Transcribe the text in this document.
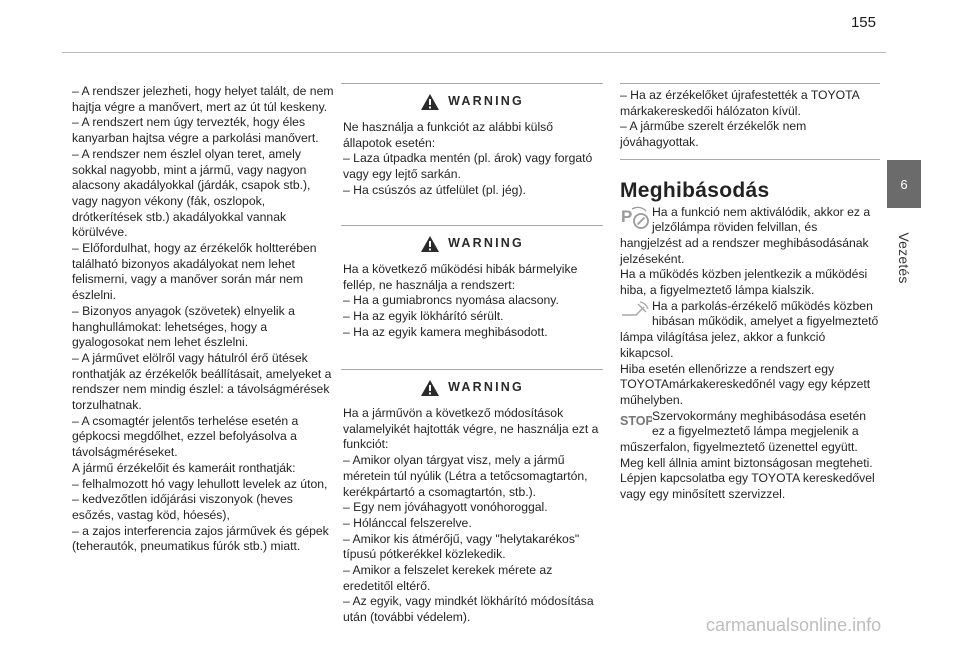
155
6
Vezetés

– A rendszer jelezheti, hogy helyet talált, de nem hajtja végre a manővert, mert az út túl keskeny.

– A rendszert nem úgy tervezték, hogy éles kanyarban hajtsa végre a parkolási manővert.

– A rendszer nem észlel olyan teret, amely sokkal nagyobb, mint a jármű, vagy nagyon alacsony akadályokkal (járdák, csapok stb.), vagy nagyon vékony (fák, oszlopok, drótkerítések stb.) akadályokkal vannak körülvéve.

– Előfordulhat, hogy az érzékelők holtterében található bizonyos akadályokat nem lehet felismerni, vagy a manőver során már nem észlelni.

– Bizonyos anyagok (szövetek) elnyelik a hanghullámokat: lehetséges, hogy a gyalogosokat nem lehet észlelni.

– A járművet elölről vagy hátulról érő ütések ronthatják az érzékelők beállításait, amelyeket a rendszer nem mindig észlel: a távolságmérések torzulhatnak.

– A csomagtér jelentős terhelése esetén a gépkocsi megdőlhet, ezzel befolyásolva a távolságméréseket.

A jármű érzékelőit és kameráit ronthatják:

– felhalmozott hó vagy lehullott levelek az úton,

– kedvezőtlen időjárási viszonyok (heves esőzés, vastag köd, hóesés),

– a zajos interferencia zajos járművek és gépek (teherautók, pneumatikus fúrók stb.) miatt.

WARNING

Ne használja a funkciót az alábbi külső állapotok esetén:

– Laza útpadka mentén (pl. árok) vagy forgató vagy egy lejtő sarkán.

– Ha csúszós az útfelület (pl. jég).

WARNING

Ha a következő működési hibák bármelyike fellép, ne használja a rendszert:

– Ha a gumiabroncs nyomása alacsony.

– Ha az egyik lökhárító sérült.

– Ha az egyik kamera meghibásodott.

WARNING

Ha a járművön a következő módosítások valamelyikét hajtották végre, ne használja ezt a funkciót:

– Amikor olyan tárgyat visz, mely a jármű méretein túl nyúlik (Létra a tetőcsomagtartón, kerékpártartó a csomagtartón, stb.).

– Egy nem jóváhagyott vonóhoroggal.

– Hólánccal felszerelve.

– Amikor kis átmérőjű, vagy "helytakarékos" típusú pótkerékkel közlekedik.

– Amikor a felszelet kerekek mérete az eredetitől eltérő.

– Az egyik, vagy mindkét lökhárító módosítása után (további védelem).

– Ha az érzékelőket újrafestették a TOYOTA márkakereskedői hálózaton kívül.

– A járműbe szerelt érzékelők nem jóváhagyottak.

Meghibásodás
P	Ha a funkció nem aktiválódik, akkor ez a jelzőlámpa röviden felvillan, és hangjelzést ad a rendszer meghibásodásának jelzéseként.
Ha a működés közben jelentkezik a működési hiba, a figyelmeztető lámpa kialszik.

Ha a parkolás-érzékelő működés közben hibásan működik, amelyet a figyelmeztető lámpa világítása jelez, akkor a funkció kikapcsol.
Hiba esetén ellenőrizze a rendszert egy TOYOTAmárkakereskedőnél vagy egy képzett műhelyben.

STOP

Szervokormány meghibásodása esetén ez a figyelmeztető lámpa megjelenik a műszerfalon, figyelmeztető üzenettel együtt.
Meg kell állnia amint biztonságosan megteheti.
Lépjen kapcsolatba egy TOYOTA kereskedővel vagy egy minősített szervizzel.

carmanualsonline.info
